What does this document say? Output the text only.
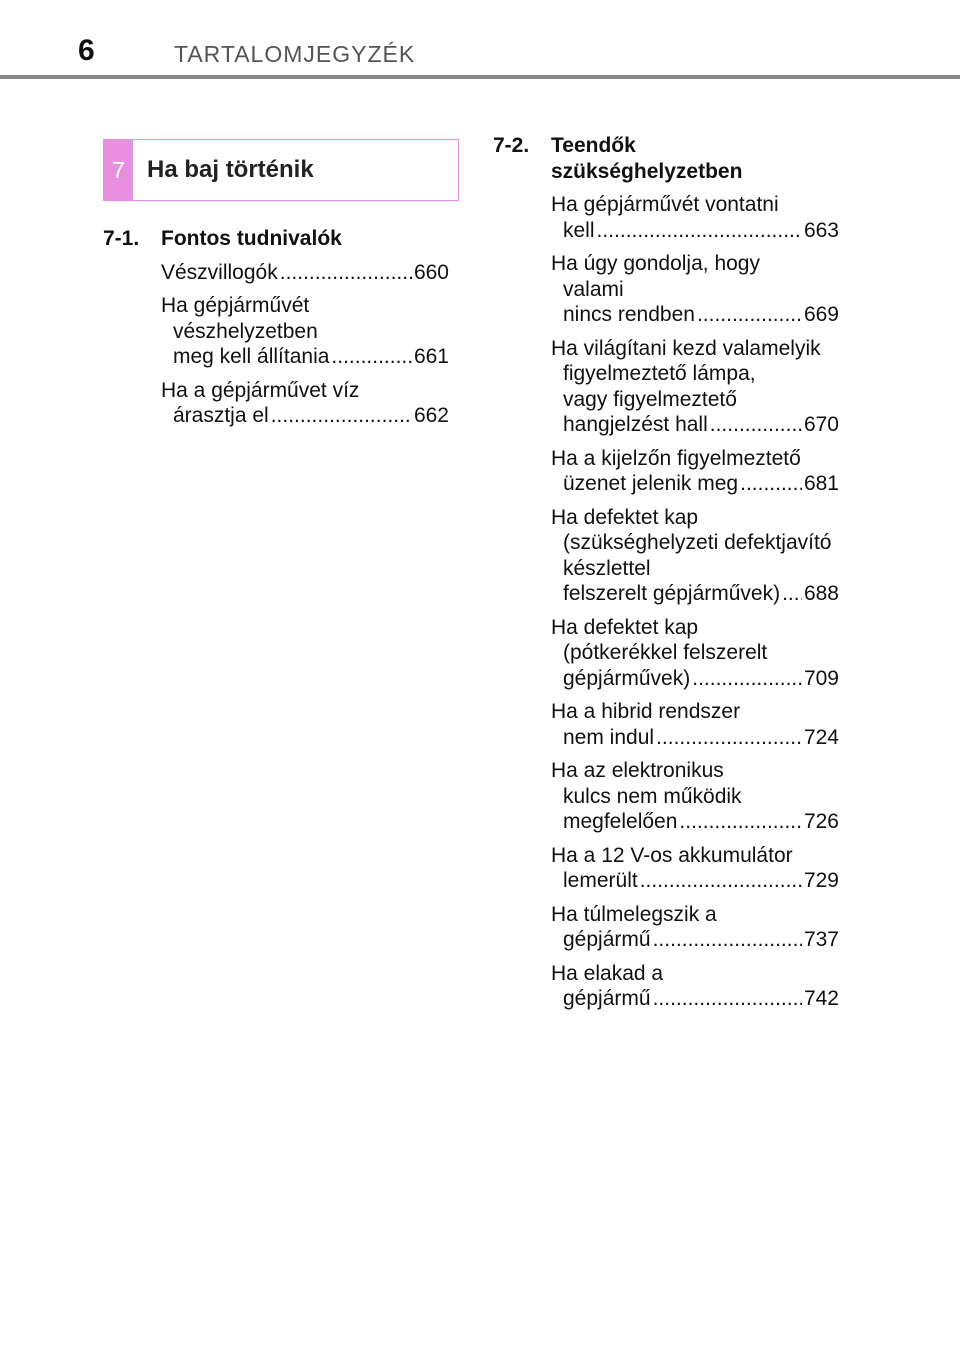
6	TARTALOMJEGYZÉK
7 Ha baj történik
7-1.	Fontos tudnivalók
Vészvillogók .....	660
Ha gépjárművét
vészhelyzetben
meg kell állítania .....	661
Ha a gépjárművet víz
árasztja el .....	662
7-2.	Teendők
szükséghelyzetben
Ha gépjárművét vontatni
kell .....	663
Ha úgy gondolja, hogy
valami
nincs rendben .....	669
Ha világítani kezd valamelyik
figyelmeztető lámpa,
vagy figyelmeztető
hangjelzést hall .....	670
Ha a kijelzőn figyelmeztető
üzenet jelenik meg .....	681
Ha defektet kap
(szükséghelyzeti defektjavító
készlettel
felszerelt gépjárművek) ..... 688
Ha defektet kap
(pótkerékkel felszerelt
gépjárművek) .....	709
Ha a hibrid rendszer
nem indul .....	724
Ha az elektronikus
kulcs nem működik
megfelelően .....	726
Ha a 12 V-os akkumulátor
lemerült .....	729
Ha túlmelegszik a
gépjármű .....	737
Ha elakad a
gépjármű .....	742
